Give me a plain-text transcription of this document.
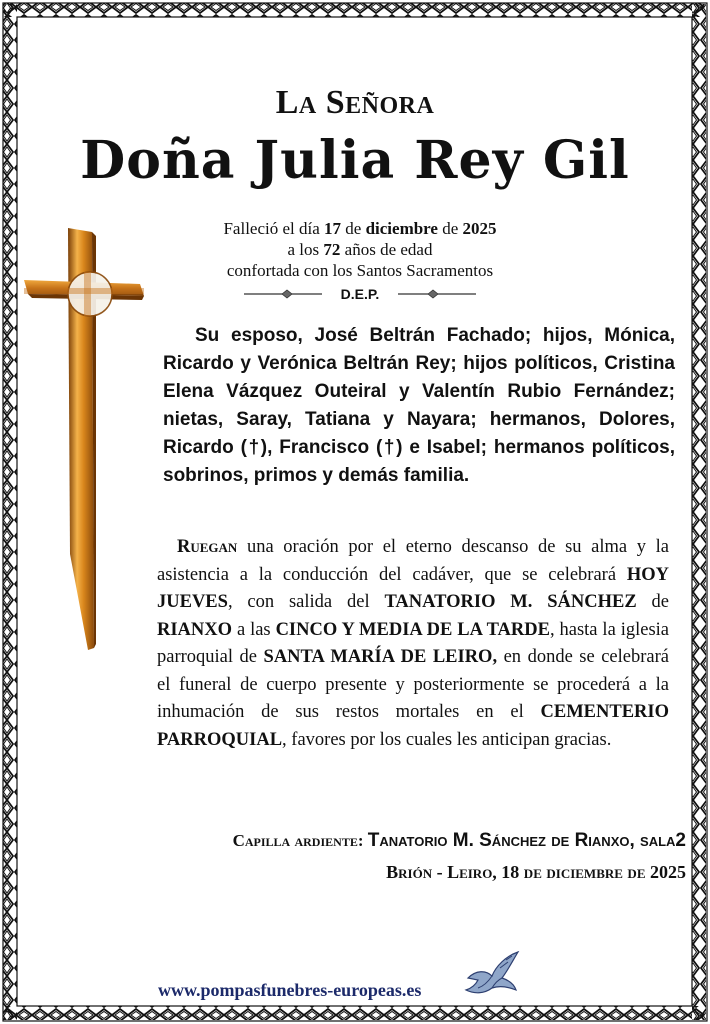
La Señora
Doña Julia Rey Gil
Falleció el día 17 de diciembre de 2025
a los 72 años de edad
confortada con los Santos Sacramentos
D.E.P.
Su esposo, José Beltrán Fachado; hijos, Mónica, Ricardo y Verónica Beltrán Rey; hijos políticos, Cristina Elena Vázquez Outeiral y Valentín Rubio Fernández; nietas, Saray, Tatiana y Nayara; hermanos, Dolores, Ricardo (†), Francisco (†) e Isabel; hermanos políticos, sobrinos, primos y demás familia.
Ruegan una oración por el eterno descanso de su alma y la asistencia a la conducción del cadáver, que se celebrará HOY JUEVES, con salida del TANATORIO M. SÁNCHEZ de RIANXO a las CINCO Y MEDIA DE LA TARDE, hasta la iglesia parroquial de SANTA MARÍA DE LEIRO, en donde se celebrará el funeral de cuerpo presente y posteriormente se procederá a la inhumación de sus restos mortales en el CEMENTERIO PARROQUIAL, favores por los cuales les anticipan gracias.
Capilla ardiente: Tanatorio M. Sánchez de Rianxo, sala2
Brión - Leiro, 18 de diciembre de 2025
www.pompasfunebres-europeas.es
